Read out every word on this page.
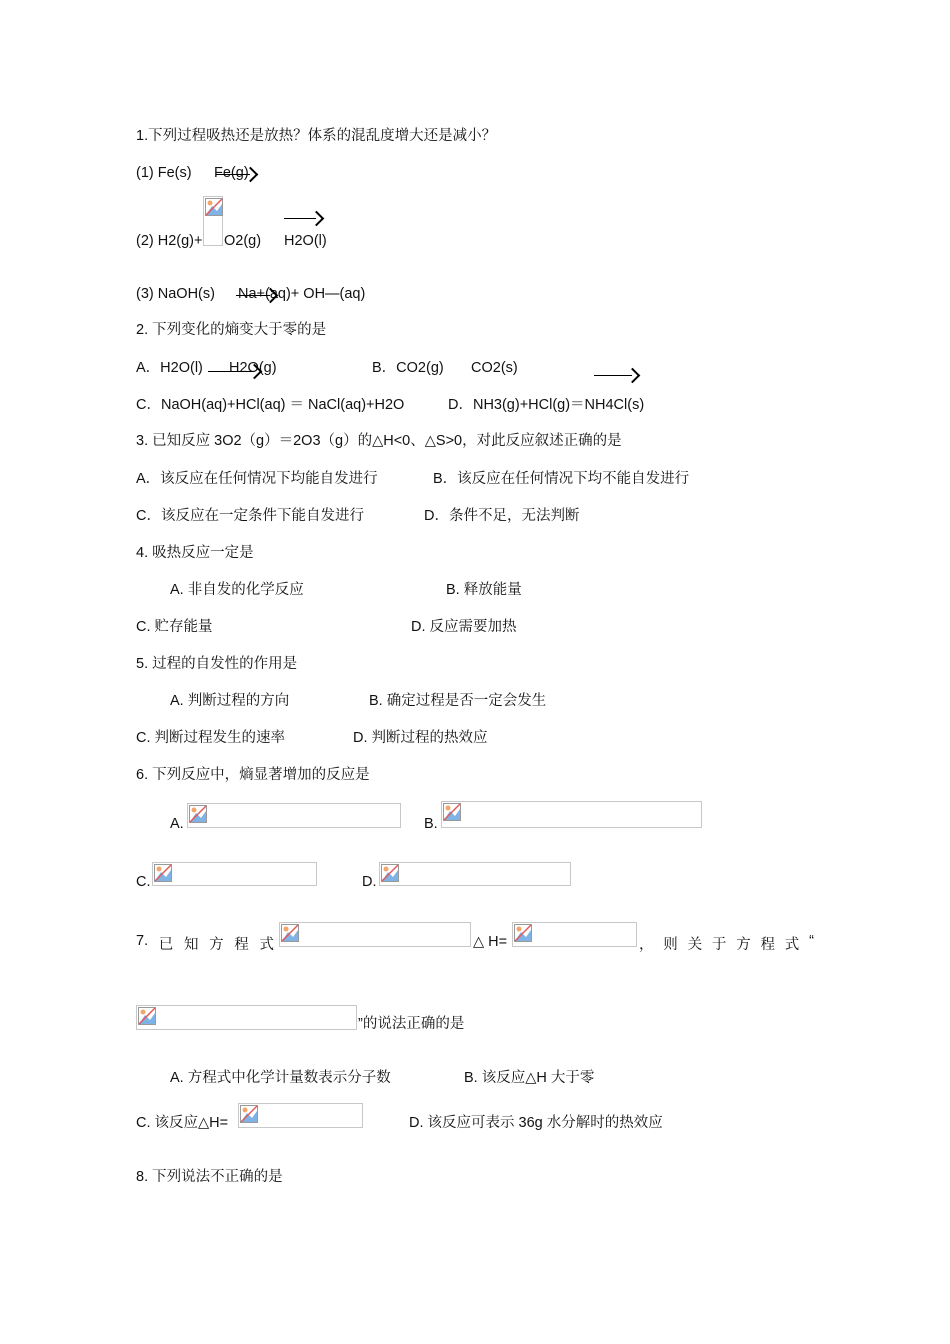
1.下列过程吸热还是放热？体系的混乱度增大还是减小？
(1) Fe(s) Fe(g)
(2) H2(g)+ O2(g) H2O(l)
(3) NaOH(s) Na+(aq)+ OH—(aq)
2. 下列变化的熵变大于零的是
A．H2O(l) H2O(g)	B．CO2(g) CO2(s)
C．NaOH(aq)+HCl(aq) ＝ NaCl(aq)+H2O	D．NH3(g)+HCl(g)＝NH4Cl(s)
3. 已知反应 3O2（g）＝2O3（g）的△H<0、△S>0，对此反应叙述正确的是
A．该反应在任何情况下均能自发进行	B．该反应在任何情况下均不能自发进行
C．该反应在一定条件下能自发进行	D．条件不足，无法判断
4. 吸热反应一定是
A. 非自发的化学反应	B. 释放能量
C. 贮存能量	D. 反应需要加热
5. 过程的自发性的作用是
A. 判断过程的方向	B. 确定过程是否一定会发生
C. 判断过程发生的速率	D. 判断过程的热效应
6. 下列反应中，熵显著增加的反应是
A.	B.
C.	D.
7. 已 知 方 程 式	△ H=	， 则 关 于 方 程 式 “
”的说法正确的是
A. 方程式中化学计量数表示分子数	B. 该反应△H 大于零
C. 该反应△H=	D. 该反应可表示 36g 水分解时的热效应
8. 下列说法不正确的是
